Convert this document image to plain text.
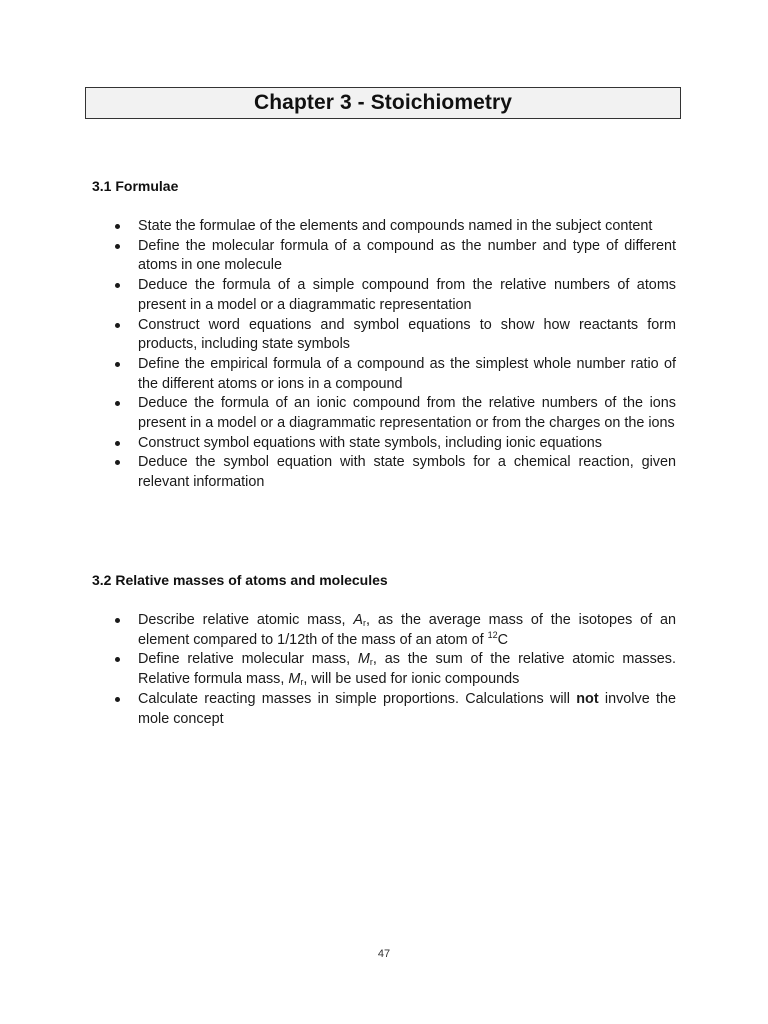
Chapter 3 - Stoichiometry
3.1 Formulae
State the formulae of the elements and compounds named in the subject content
Define the molecular formula of a compound as the number and type of different atoms in one molecule
Deduce the formula of a simple compound from the relative numbers of atoms present in a model or a diagrammatic representation
Construct word equations and symbol equations to show how reactants form products, including state symbols
Define the empirical formula of a compound as the simplest whole number ratio of the different atoms or ions in a compound
Deduce the formula of an ionic compound from the relative numbers of the ions present in a model or a diagrammatic representation or from the charges on the ions
Construct symbol equations with state symbols, including ionic equations
Deduce the symbol equation with state symbols for a chemical reaction, given relevant information
3.2 Relative masses of atoms and molecules
Describe relative atomic mass, $A_r$, as the average mass of the isotopes of an element compared to 1/12th of the mass of an atom of $^{12}$C
Define relative molecular mass, $M_r$, as the sum of the relative atomic masses. Relative formula mass, $M_r$, will be used for ionic compounds
Calculate reacting masses in simple proportions. Calculations will not involve the mole concept
47
